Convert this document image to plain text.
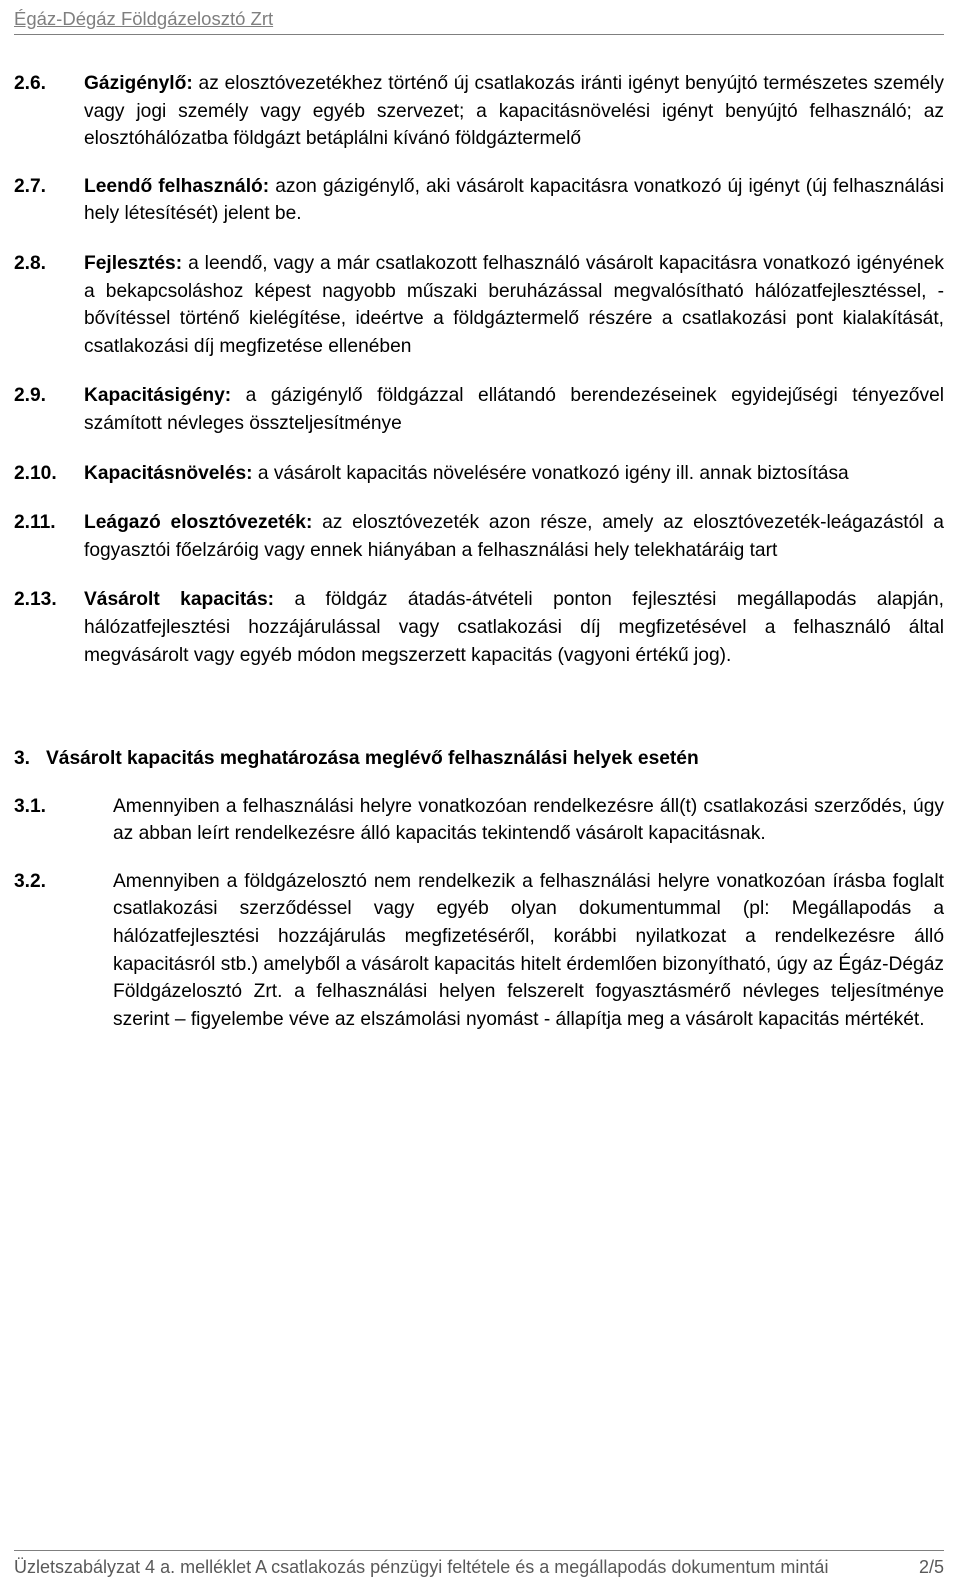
Égáz-Dégáz Földgázelosztó Zrt
2.6.	Gázigénylő: az elosztóvezetékhez történő új csatlakozás iránti igényt benyújtó természetes személy vagy jogi személy vagy egyéb szervezet; a kapacitásnövelési igényt benyújtó felhasználó; az elosztóhálózatba földgázt betáplálni kívánó földgáztermelő
2.7.	Leendő felhasználó: azon gázigénylő, aki vásárolt kapacitásra vonatkozó új igényt (új felhasználási hely létesítését) jelent be.
2.8.	Fejlesztés: a leendő, vagy a már csatlakozott felhasználó vásárolt kapacitásra vonatkozó igényének a bekapcsoláshoz képest nagyobb műszaki beruházással megvalósítható hálózatfejlesztéssel, -bővítéssel történő kielégítése, ideértve a földgáztermelő részére a csatlakozási pont kialakítását, csatlakozási díj megfizetése ellenében
2.9.	Kapacitásigény: a gázigénylő földgázzal ellátandó berendezéseinek egyidejűségi tényezővel számított névleges összteljesítménye
2.10.	Kapacitásnövelés: a vásárolt kapacitás növelésére vonatkozó igény ill. annak biztosítása
2.11.	Leágazó elosztóvezeték: az elosztóvezeték azon része, amely az elosztóvezeték-leágazástól a fogyasztói főelzáróig vagy ennek hiányában a felhasználási hely telekhatáráig tart
2.13.	Vásárolt kapacitás: a földgáz átadás-átvételi ponton fejlesztési megállapodás alapján, hálózatfejlesztési hozzájárulással vagy csatlakozási díj megfizetésével a felhasználó által megvásárolt vagy egyéb módon megszerzett kapacitás (vagyoni értékű jog).
3. Vásárolt kapacitás meghatározása meglévő felhasználási helyek esetén
3.1.	Amennyiben a felhasználási helyre vonatkozóan rendelkezésre áll(t) csatlakozási szerződés, úgy az abban leírt rendelkezésre álló kapacitás tekintendő vásárolt kapacitásnak.
3.2.	Amennyiben a földgázelosztó nem rendelkezik a felhasználási helyre vonatkozóan írásba foglalt csatlakozási szerződéssel vagy egyéb olyan dokumentummal (pl: Megállapodás a hálózatfejlesztési hozzájárulás megfizetéséről, korábbi nyilatkozat a rendelkezésre álló kapacitásról stb.) amelyből a vásárolt kapacitás hitelt érdemlően bizonyítható, úgy az Égáz-Dégáz Földgázelosztó Zrt. a felhasználási helyen felszerelt fogyasztásmérő névleges teljesítménye szerint – figyelembe véve az elszámolási nyomást - állapítja meg a vásárolt kapacitás mértékét.
Üzletszabályzat 4 a. melléklet A csatlakozás pénzügyi feltétele és a megállapodás dokumentum mintái	2/5
